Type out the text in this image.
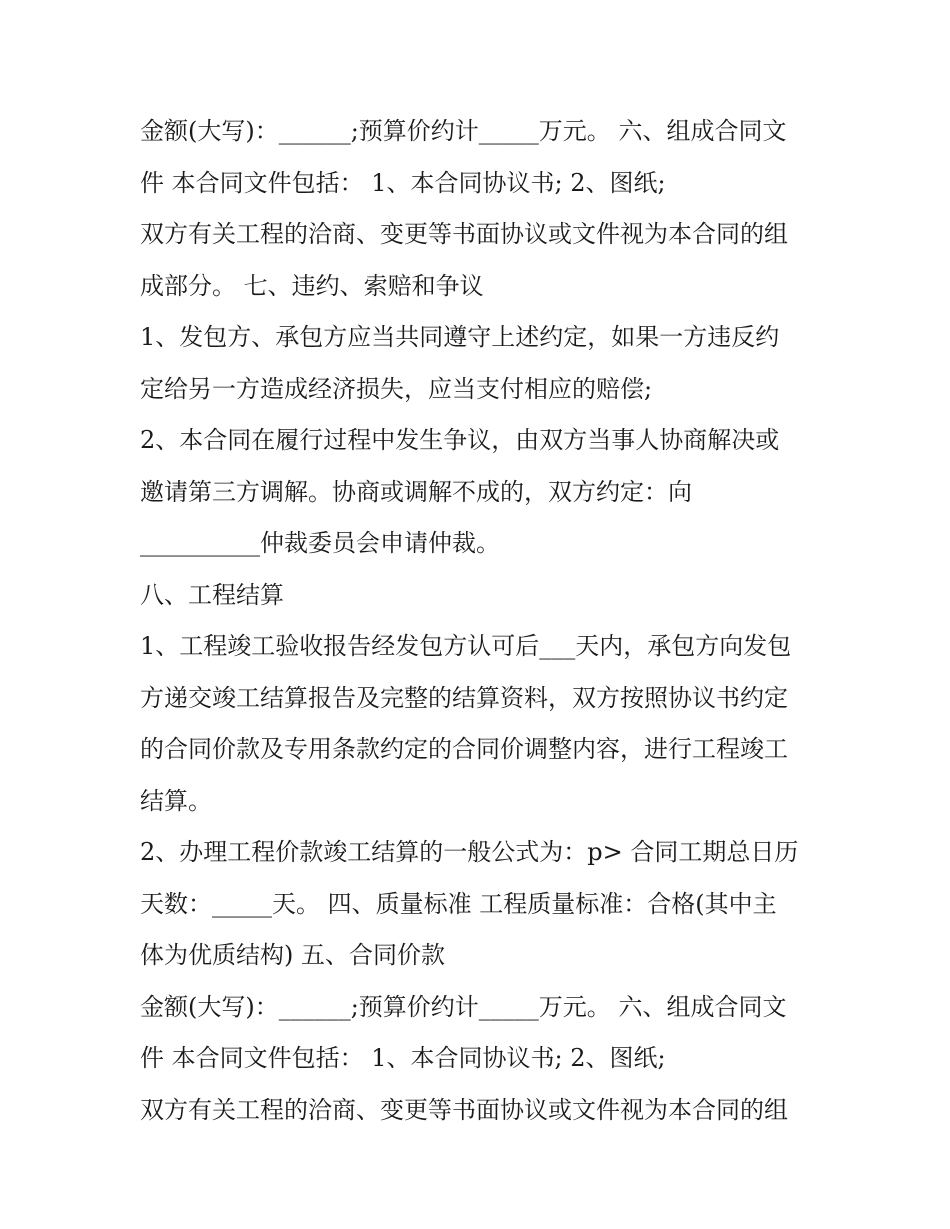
金额(大写)：______;预算价约计_____万元。 六、组成合同文
件 本合同文件包括： 1、本合同协议书; 2、图纸;
双方有关工程的洽商、变更等书面协议或文件视为本合同的组
成部分。 七、违约、索赔和争议
1、发包方、承包方应当共同遵守上述约定，如果一方违反约
定给另一方造成经济损失，应当支付相应的赔偿;
2、本合同在履行过程中发生争议，由双方当事人协商解决或
邀请第三方调解。协商或调解不成的，双方约定：向
__________仲裁委员会申请仲裁。
八、工程结算
1、工程竣工验收报告经发包方认可后___天内，承包方向发包
方递交竣工结算报告及完整的结算资料，双方按照协议书约定
的合同价款及专用条款约定的合同价调整内容，进行工程竣工
结算。
2、办理工程价款竣工结算的一般公式为：p> 合同工期总日历
天数：_____天。 四、质量标准 工程质量标准：合格(其中主
体为优质结构) 五、合同价款
金额(大写)：______;预算价约计_____万元。 六、组成合同文
件 本合同文件包括： 1、本合同协议书; 2、图纸;
双方有关工程的洽商、变更等书面协议或文件视为本合同的组
